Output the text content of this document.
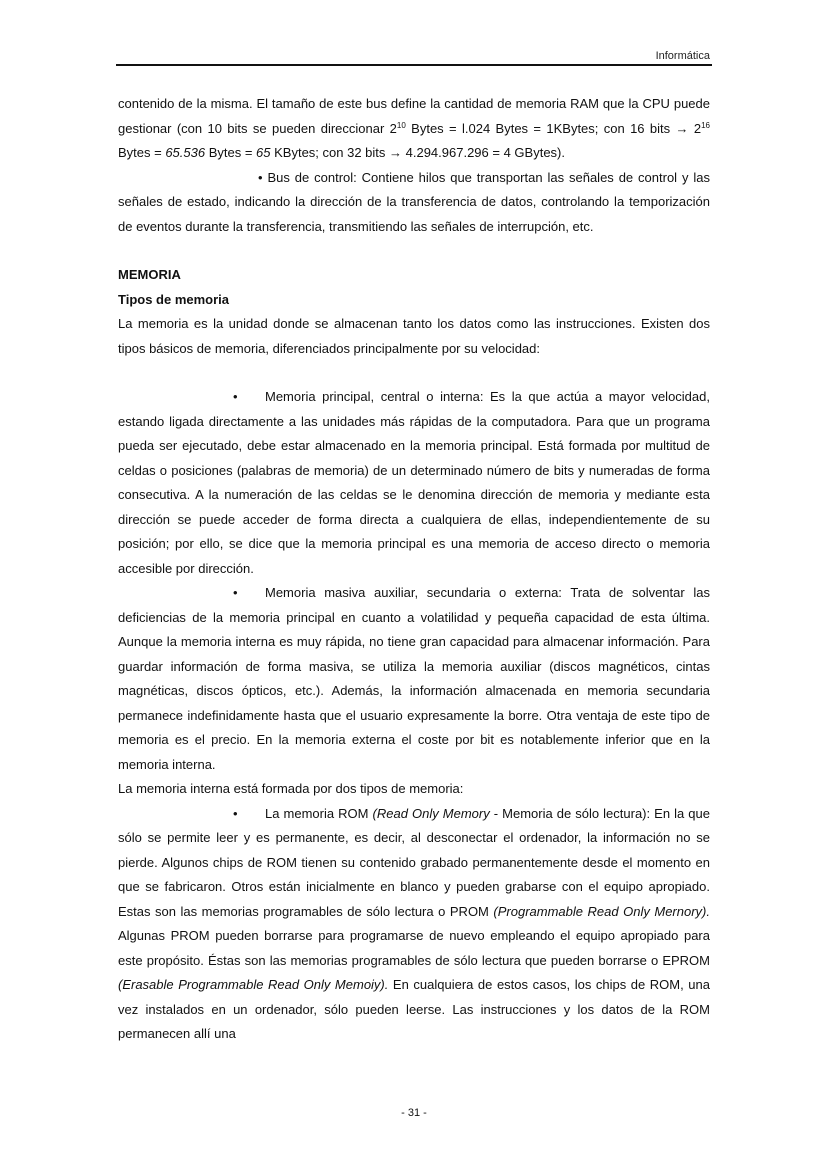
Informática

contenido de la misma. El tamaño de este bus define la cantidad de memoria RAM que la CPU puede gestionar (con 10 bits se pueden direccionar $2^{10}$ Bytes = l.024 Bytes = 1KBytes; con 16 bits → $2^{16}$ Bytes = 65.536 Bytes = 65 KBytes; con 32 bits → 4.294.967.296 = 4 GBytes).

• Bus de control: Contiene hilos que transportan las señales de control y las señales de estado, indicando la dirección de la transferencia de datos, controlando la temporización de eventos durante la transferencia, transmitiendo las señales de interrupción, etc.

MEMORIA

Tipos de memoria

La memoria es la unidad donde se almacenan tanto los datos como las instrucciones. Existen dos tipos básicos de memoria, diferenciados principalmente por su velocidad:

• Memoria principal, central o interna: Es la que actúa a mayor velocidad, estando ligada directamente a las unidades más rápidas de la computadora. Para que un programa pueda ser ejecutado, debe estar almacenado en la memoria principal. Está formada por multitud de celdas o posiciones (palabras de memoria) de un determinado número de bits y numeradas de forma consecutiva. A la numeración de las celdas se le denomina dirección de memoria y mediante esta dirección se puede acceder de forma directa a cualquiera de ellas, independientemente de su posición; por ello, se dice que la memoria principal es una memoria de acceso directo o memoria accesible por dirección.

• Memoria masiva auxiliar, secundaria o externa: Trata de solventar las deficiencias de la memoria principal en cuanto a volatilidad y pequeña capacidad de esta última. Aunque la memoria interna es muy rápida, no tiene gran capacidad para almacenar información. Para guardar información de forma masiva, se utiliza la memoria auxiliar (discos magnéticos, cintas magnéticas, discos ópticos, etc.). Además, la información almacenada en memoria secundaria permanece indefinidamente hasta que el usuario expresamente la borre. Otra ventaja de este tipo de memoria es el precio. En la memoria externa el coste por bit es notablemente inferior que en la memoria interna.

La memoria interna está formada por dos tipos de memoria:

• La memoria ROM (Read Only Memory - Memoria de sólo lectura): En la que sólo se permite leer y es permanente, es decir, al desconectar el ordenador, la información no se pierde. Algunos chips de ROM tienen su contenido grabado permanentemente desde el momento en que se fabricaron. Otros están inicialmente en blanco y pueden grabarse con el equipo apropiado. Estas son las memorias programables de sólo lectura o PROM (Programmable Read Only Mernory). Algunas PROM pueden borrarse para programarse de nuevo empleando el equipo apropiado para este propósito. Éstas son las memorias programables de sólo lectura que pueden borrarse o EPROM (Erasable Programmable Read Only Memoiy). En cualquiera de estos casos, los chips de ROM, una vez instalados en un ordenador, sólo pueden leerse. Las instrucciones y los datos de la ROM permanecen allí una

- 31 -
